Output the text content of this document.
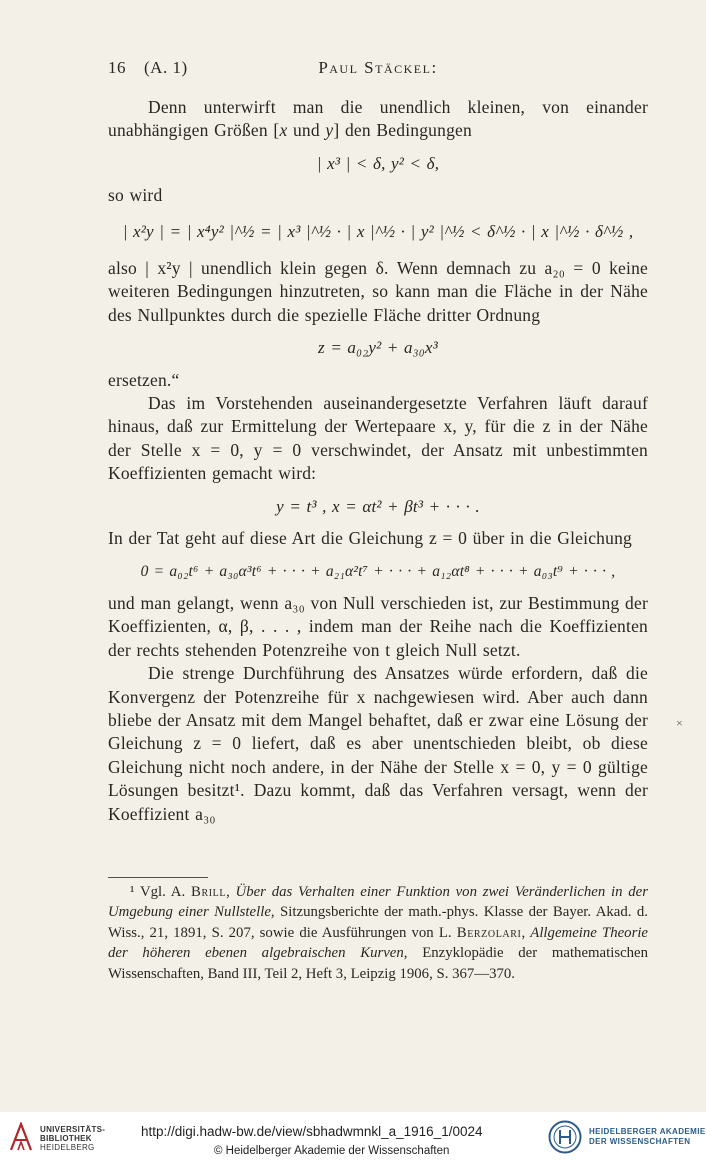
16 (A. 1)	Paul Stäckel:

Denn unterwirft man die unendlich kleinen, von einander unabhängigen Größen [x und y] den Bedingungen

| x³ | < δ, y² < δ,

so wird

| x²y | = | x⁴y² |^½ = | x³ |^½ · | x |^½ · | y² |^½ < δ^½ · | x |^½ · δ^½ ,

also | x²y | unendlich klein gegen δ. Wenn demnach zu a₂₀ = 0 keine weiteren Bedingungen hinzutreten, so kann man die Fläche in der Nähe des Nullpunktes durch die spezielle Fläche dritter Ordnung

z = a₀₂y² + a₃₀x³

ersetzen.“

Das im Vorstehenden auseinandergesetzte Verfahren läuft darauf hinaus, daß zur Ermittelung der Wertepaare x, y, für die z in der Nähe der Stelle x = 0, y = 0 verschwindet, der Ansatz mit unbestimmten Koeffizienten gemacht wird:

y = t³ , x = αt² + βt³ + · · · .

In der Tat geht auf diese Art die Gleichung z = 0 über in die Gleichung

0 = a₀₂t⁶ + a₃₀α³t⁶ + · · · + a₂₁α²t⁷ + · · · + a₁₂αt⁸ + · · · + a₀₃t⁹ + · · · ,

und man gelangt, wenn a₃₀ von Null verschieden ist, zur Bestimmung der Koeffizienten, α, β, . . . , indem man der Reihe nach die Koeffizienten der rechts stehenden Potenzreihe von t gleich Null setzt.

Die strenge Durchführung des Ansatzes würde erfordern, daß die Konvergenz der Potenzreihe für x nachgewiesen wird. Aber auch dann bliebe der Ansatz mit dem Mangel behaftet, daß er zwar eine Lösung der Gleichung z = 0 liefert, daß es aber unentschieden bleibt, ob diese Gleichung nicht noch andere, in der Nähe der Stelle x = 0, y = 0 gültige Lösungen besitzt¹. Dazu kommt, daß das Verfahren versagt, wenn der Koeffizient a₃₀

×
¹ Vgl. A. Brill, Über das Verhalten einer Funktion von zwei Veränderlichen in der Umgebung einer Nullstelle, Sitzungsberichte der math.-phys. Klasse der Bayer. Akad. d. Wiss., 21, 1891, S. 207, sowie die Ausführungen von L. Berzolari, Allgemeine Theorie der höheren ebenen algebraischen Kurven, Enzyklopädie der mathematischen Wissenschaften, Band III, Teil 2, Heft 3, Leipzig 1906, S. 367—370.
UNIVERSITÄTS-
BIBLIOTHEK
HEIDELBERG
http://digi.hadw-bw.de/view/sbhadwmnkl_a_1916_1/0024
© Heidelberger Akademie der Wissenschaften
HEIDELBERGER AKADEMIE
DER WISSENSCHAFTEN
